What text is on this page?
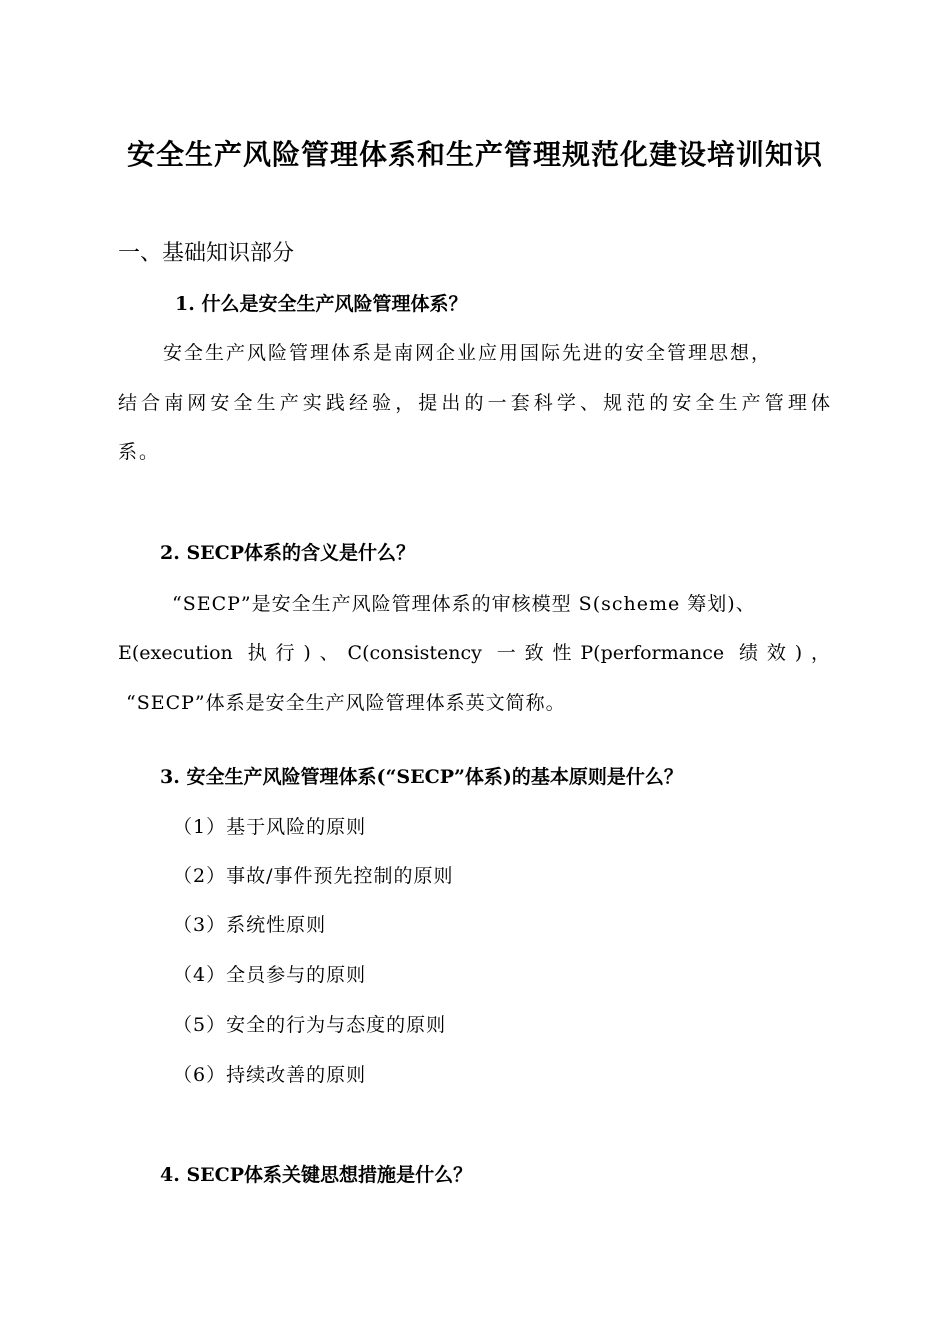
安全生产风险管理体系和生产管理规范化建设培训知识
一、基础知识部分
1. 什么是安全生产风险管理体系？
安全生产风险管理体系是南网企业应用国际先进的安全管理思想，
结合南网安全生产实践经验，提出的一套科学、规范的安全生产管理体
系。
2. SECP体系的含义是什么？
“SECP”是安全生产风险管理体系的审核模型 S(scheme 筹划)、
E(execution 执行)、C(consistency 一致性P(performance 绩效)，
“SECP”体系是安全生产风险管理体系英文简称。
3. 安全生产风险管理体系(“SECP”体系)的基本原则是什么？
（1）基于风险的原则
（2）事故/事件预先控制的原则
（3）系统性原则
（4）全员参与的原则
（5）安全的行为与态度的原则
（6）持续改善的原则
4. SECP体系关键思想措施是什么？
